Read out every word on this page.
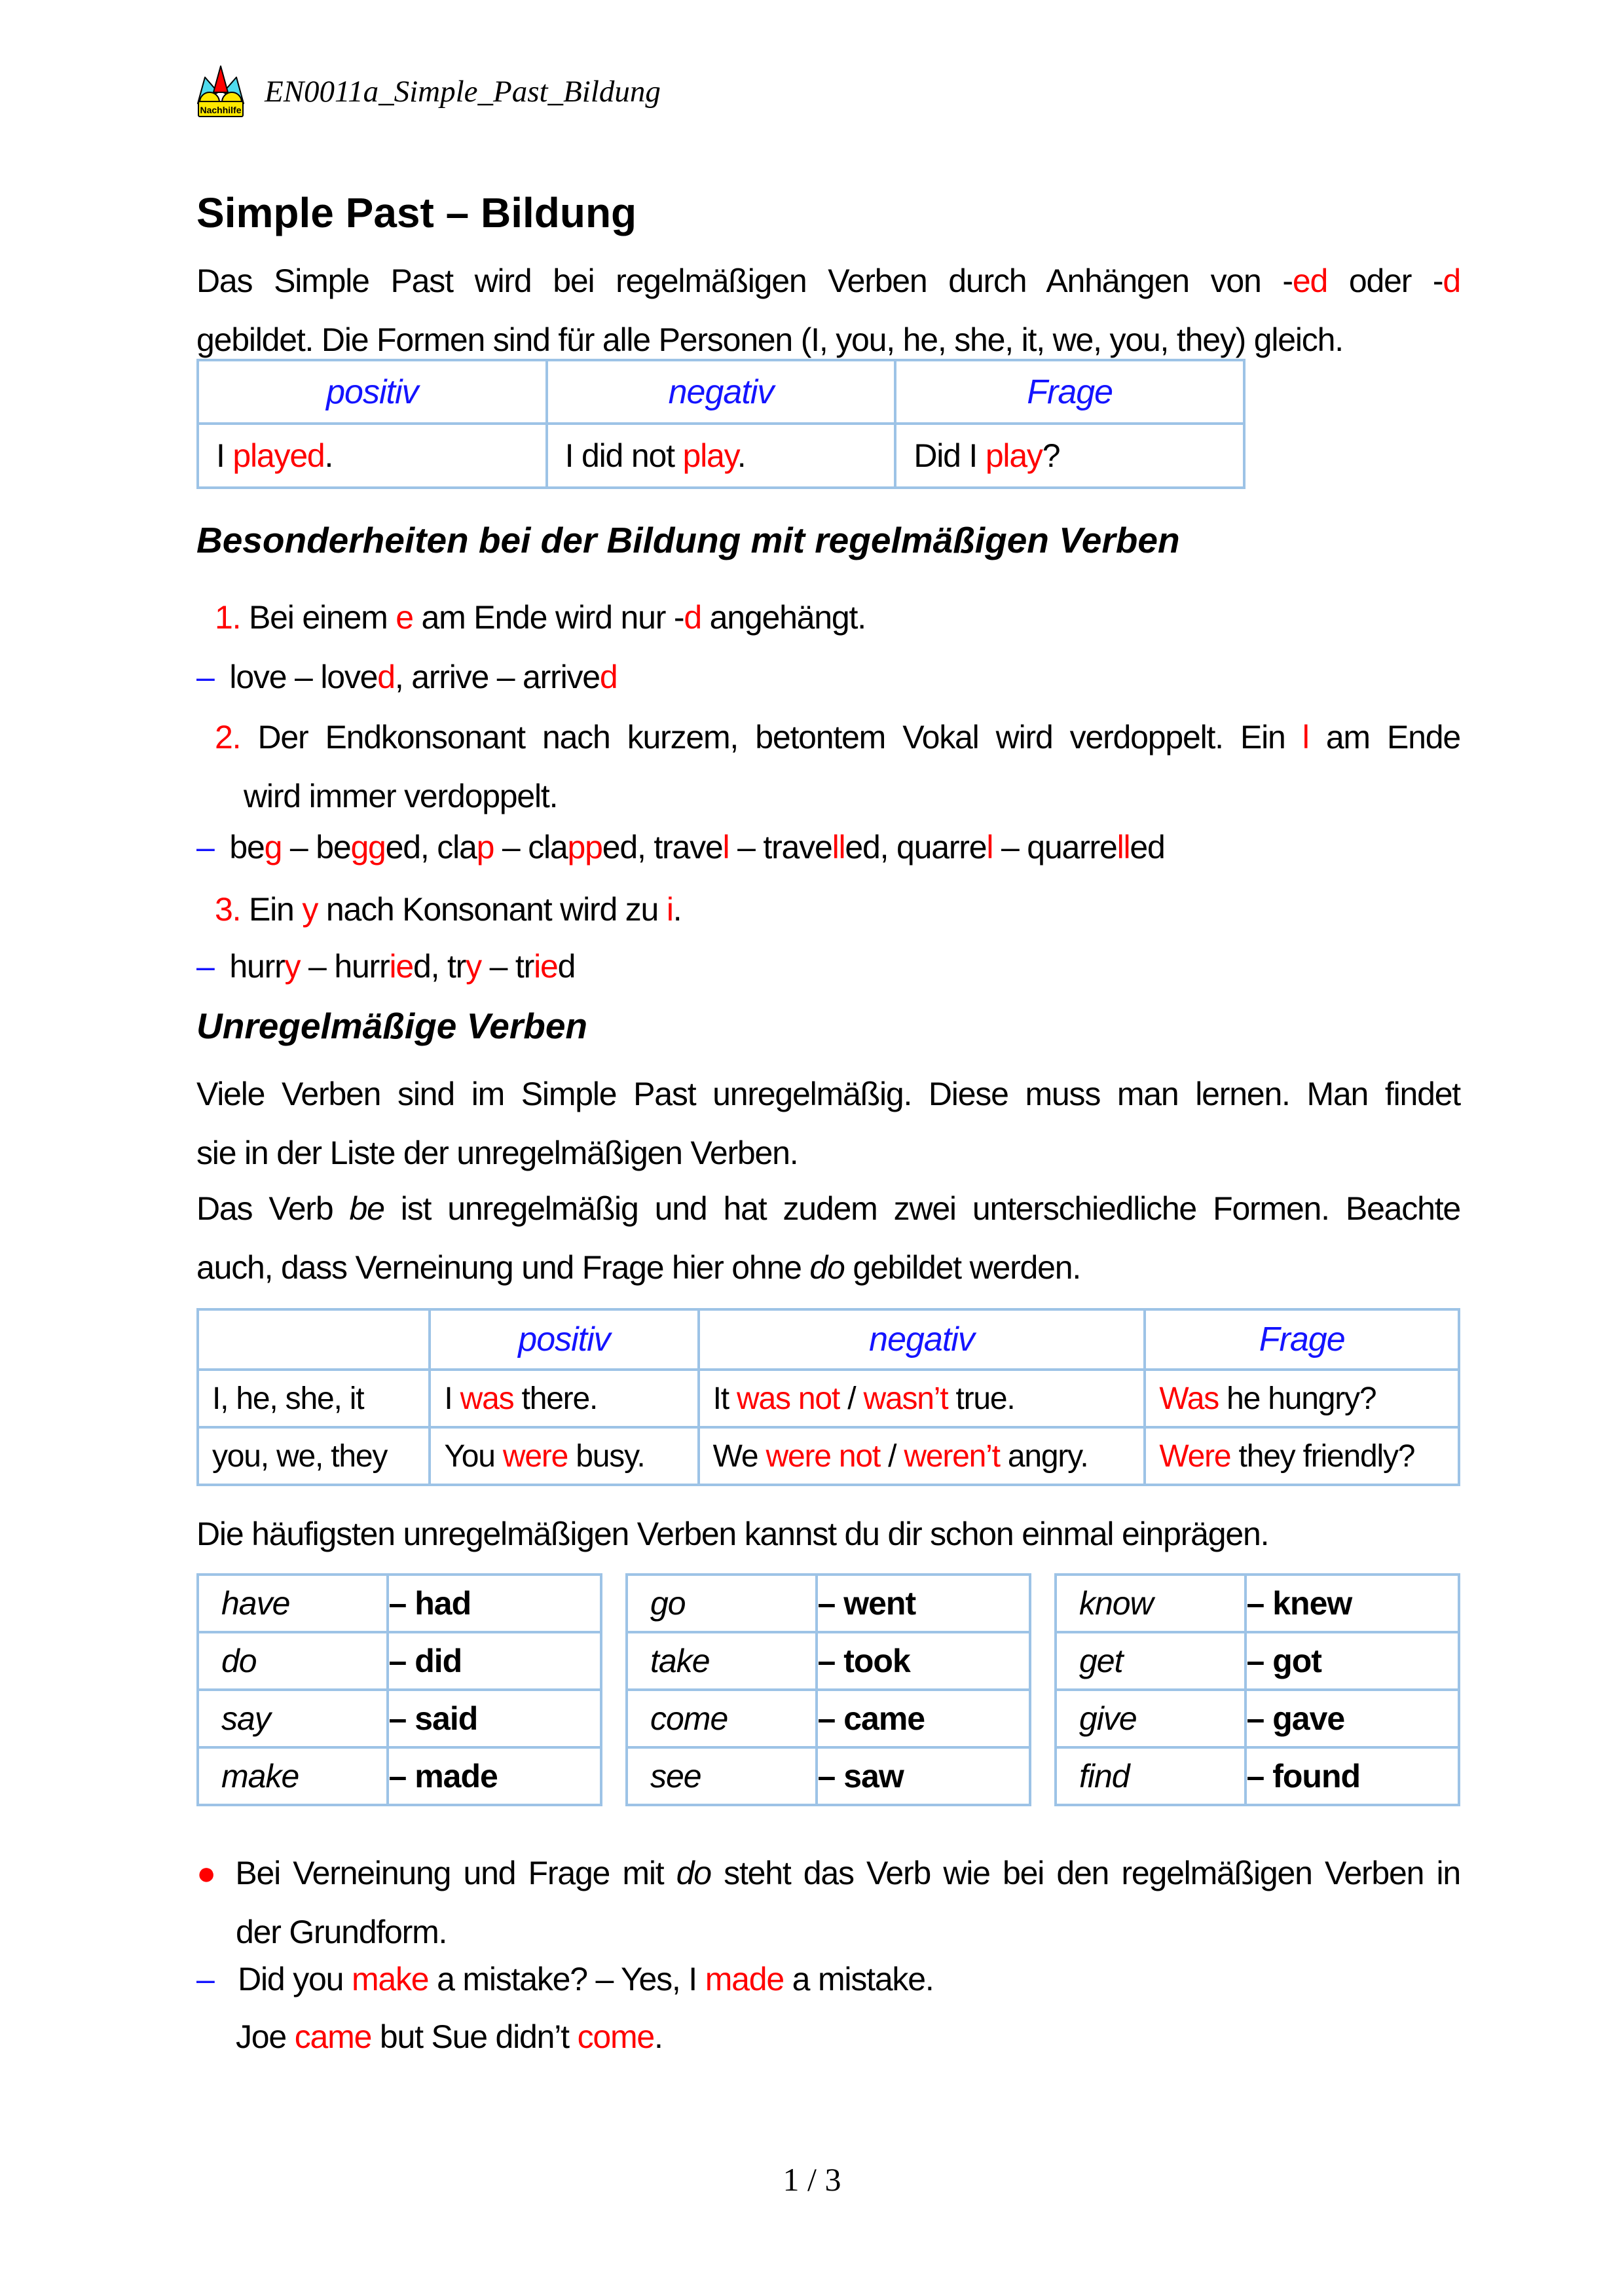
Nachhilfe
EN0011a_Simple_Past_Bildung
Simple Past – Bildung
Das Simple Past wird bei regelmäßigen Verben durch Anhängen von -ed oder -d
gebildet. Die Formen sind für alle Personen (I, you, he, she, it, we, you, they) gleich.
positiv	negativ	Frage
I played.	I did not play.	Did I play?
Besonderheiten bei der Bildung mit regelmäßigen Verben
1. Bei einem e am Ende wird nur -d angehängt.
– love – loved, arrive – arrived
2. Der Endkonsonant nach kurzem, betontem Vokal wird verdoppelt. Ein l am Ende
wird immer verdoppelt.
– beg – begged, clap – clapped, travel – travelled, quarrel – quarrelled
3. Ein y nach Konsonant wird zu i.
– hurry – hurried, try – tried
Unregelmäßige Verben
Viele Verben sind im Simple Past unregelmäßig. Diese muss man lernen. Man findet
sie in der Liste der unregelmäßigen Verben.
Das Verb be ist unregelmäßig und hat zudem zwei unterschiedliche Formen. Beachte
auch, dass Verneinung und Frage hier ohne do gebildet werden.
	positiv	negativ	Frage
I, he, she, it	I was there.	It was not / wasn’t true.	Was he hungry?
you, we, they	You were busy.	We were not / weren’t angry.	Were they friendly?
Die häufigsten unregelmäßigen Verben kannst du dir schon einmal einprägen.
have	– had
do	– did
say	– said
make	– made
go	– went
take	– took
come	– came
see	– saw
know	– knew
get	– got
give	– gave
find	– found
● Bei Verneinung und Frage mit do steht das Verb wie bei den regelmäßigen Verben in
der Grundform.
–  Did you make a mistake? – Yes, I made a mistake.
Joe came but Sue didn’t come.
1 / 3
